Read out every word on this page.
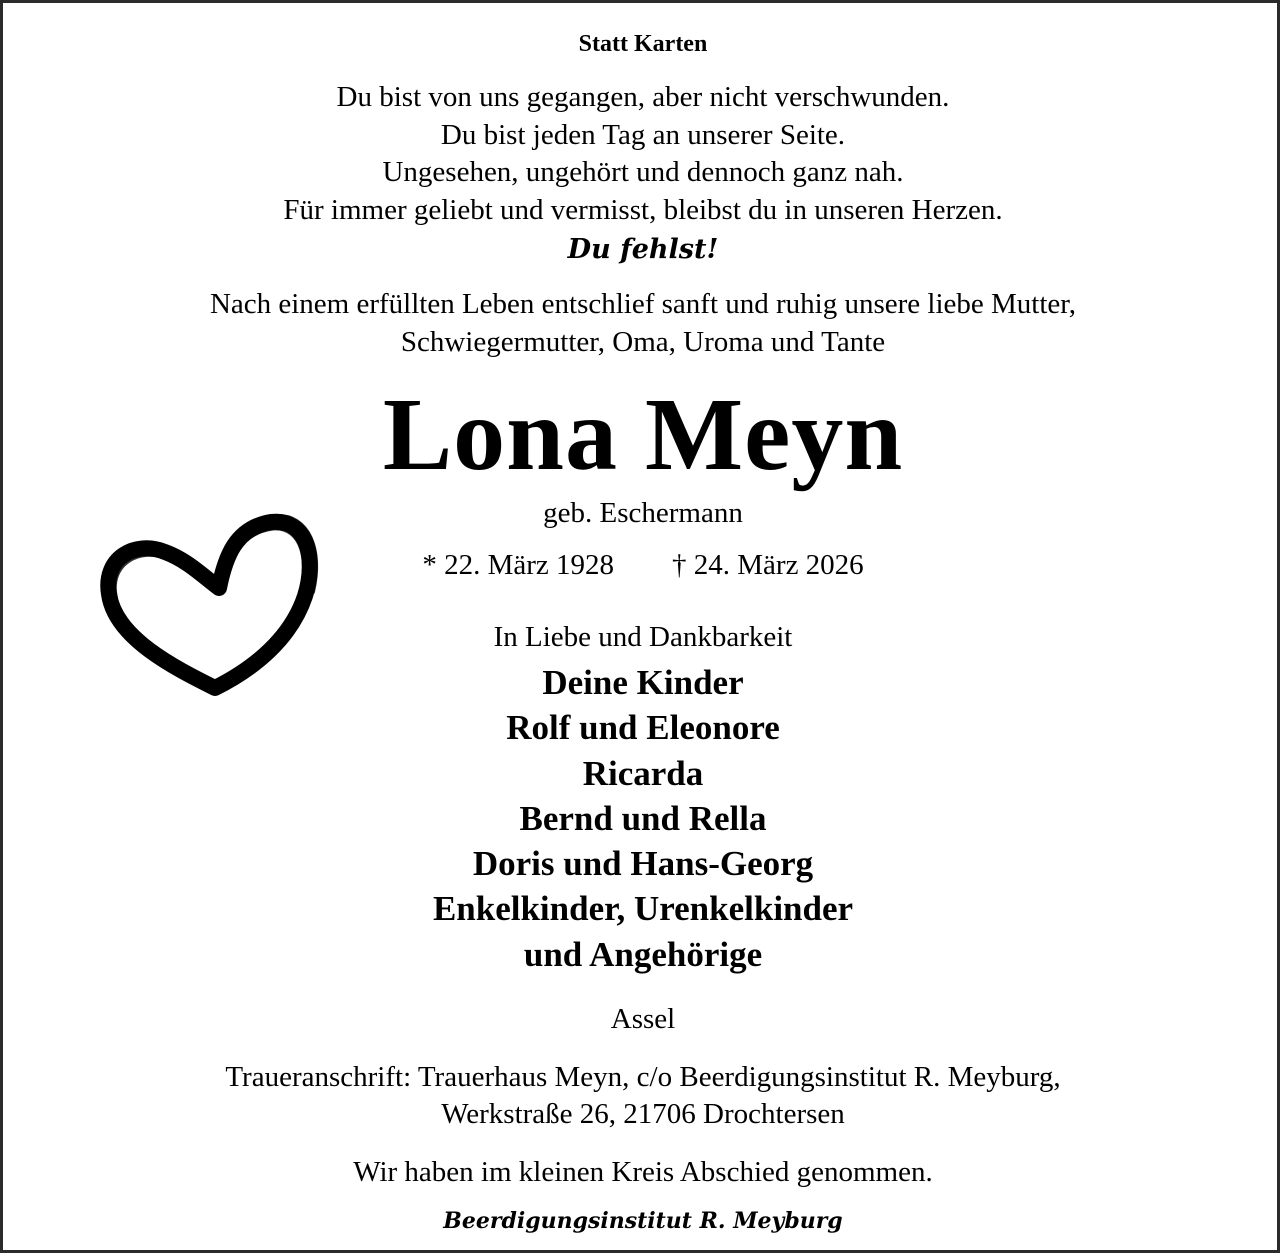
Statt Karten

Du bist von uns gegangen, aber nicht verschwunden.
Du bist jeden Tag an unserer Seite.
Ungesehen, ungehört und dennoch ganz nah.
Für immer geliebt und vermisst, bleibst du in unseren Herzen.

Du fehlst!

Nach einem erfüllten Leben entschlief sanft und ruhig unsere liebe Mutter,
Schwiegermutter, Oma, Uroma und Tante

Lona Meyn

geb. Eschermann

* 22. März 1928 † 24. März 2026

In Liebe und Dankbarkeit

Deine Kinder
Rolf und Eleonore
Ricarda
Bernd und Rella
Doris und Hans-Georg
Enkelkinder, Urenkelkinder
und Angehörige

Assel

Traueranschrift: Trauerhaus Meyn, c/o Beerdigungsinstitut R. Meyburg,
Werkstraße 26, 21706 Drochtersen

Wir haben im kleinen Kreis Abschied genommen.

Beerdigungsinstitut R. Meyburg
